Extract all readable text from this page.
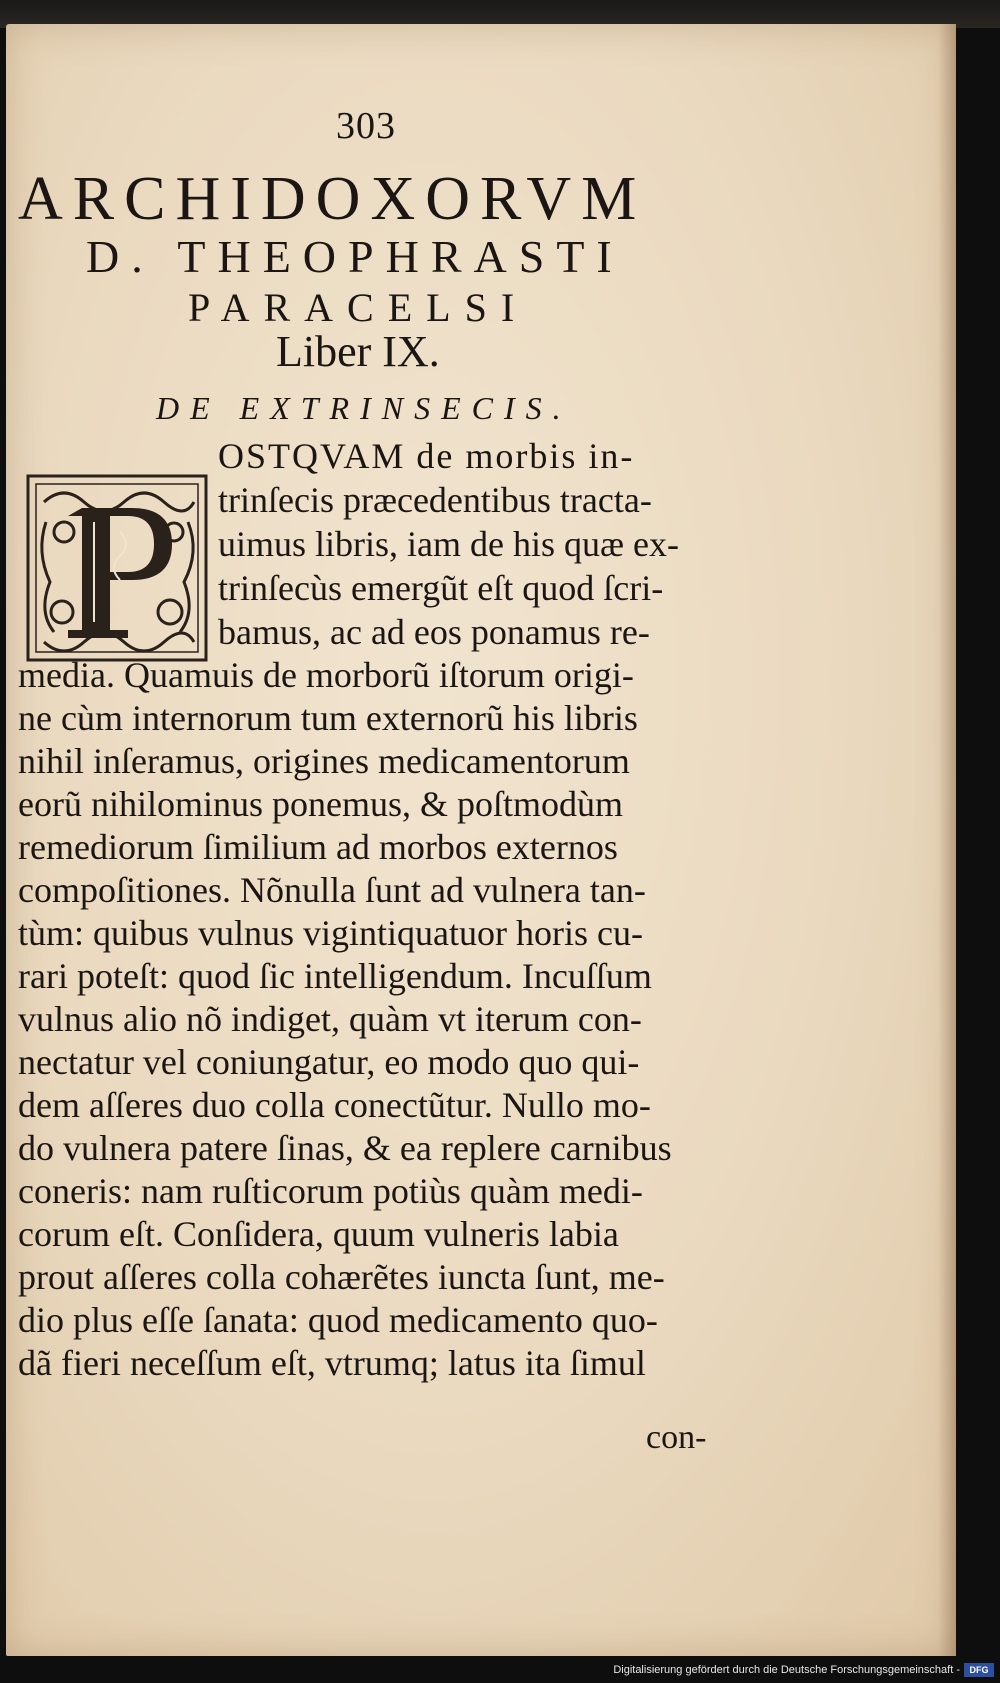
303
ARCHIDOXORVM
D. THEOPHRASTI
PARACELSI
Liber IX.
DE EXTRINSECIS.
OSTQVAM de morbis in-
trinſecis præcedentibus tracta-
uimus libris, iam de his quæ ex-
trinſecùs emergũt eſt quod ſcri-
bamus, ac ad eos ponamus re-
media. Quamuis de morborũ iſtorum origi-
ne cùm internorum tum externorũ his libris
nihil inſeramus, origines medicamentorum
eorũ nihilominus ponemus, & poſtmodùm
remediorum ſimilium ad morbos externos
compoſitiones. Nõnulla ſunt ad vulnera tan-
tùm: quibus vulnus vigintiquatuor horis cu-
rari poteſt: quod ſic intelligendum. Incuſſum
vulnus alio nõ indiget, quàm vt iterum con-
nectatur vel coniungatur, eo modo quo qui-
dem aſſeres duo colla conectũtur. Nullo mo-
do vulnera patere ſinas, & ea replere carnibus
coneris: nam ruſticorum potiùs quàm medi-
corum eſt. Conſidera, quum vulneris labia
prout aſſeres colla cohærẽtes iuncta ſunt, me-
dio plus eſſe ſanata: quod medicamento quo-
dã fieri neceſſum eſt, vtrumq; latus ita ſimul
con-
Digitalisierung gefördert durch die Deutsche Forschungsgemeinschaft -	DFG
